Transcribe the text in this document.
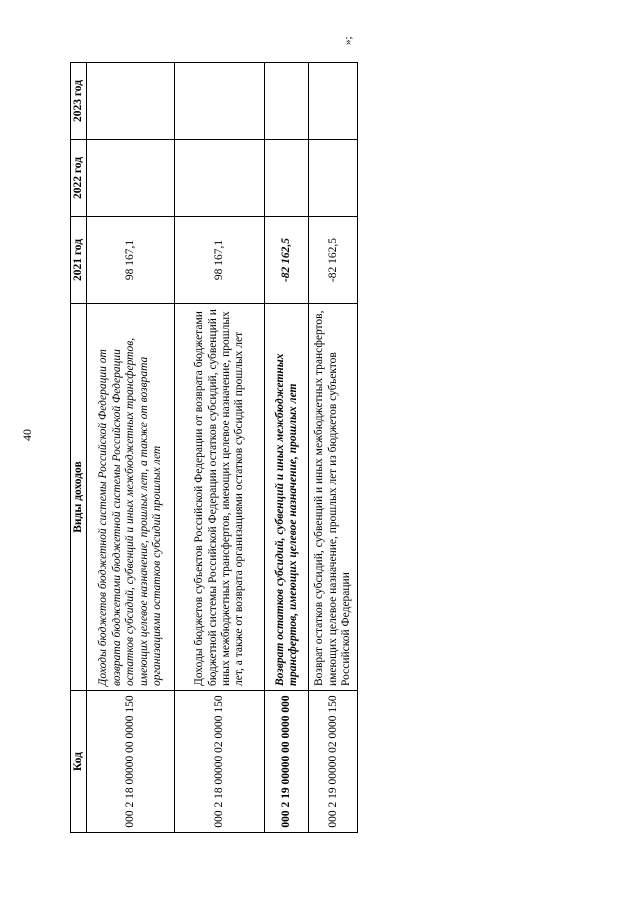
40
»;
Код	Виды доходов	2021 год	2022 год	2023 год
000 2 18 00000 00 0000 150	Доходы бюджетов бюджетной системы Российской Федерации от возврата бюджетами бюджетной системы Российской Федерации остатков субсидий, субвенций и иных межбюджетных трансфертов, имеющих целевое назначение, прошлых лет, а также от возврата организациями остатков субсидий прошлых лет	98 167,1		
000 2 18 00000 02 0000 150	Доходы бюджетов субъектов Российской Федерации от возврата бюджетами бюджетной системы Российской Федерации остатков субсидий, субвенций и иных межбюджетных трансфертов, имеющих целевое назначение, прошлых лет, а также от возврата организациями остатков субсидий прошлых лет	98 167,1		
000 2 19 00000 00 0000 000	Возврат остатков субсидий, субвенций и иных межбюджетных трансфертов, имеющих целевое назначение, прошлых лет	-82 162,5		
000 2 19 00000 02 0000 150	Возврат остатков субсидий, субвенций и иных межбюджетных трансфертов, имеющих целевое назначение, прошлых лет из бюджетов субъектов Российской Федерации	-82 162,5		
